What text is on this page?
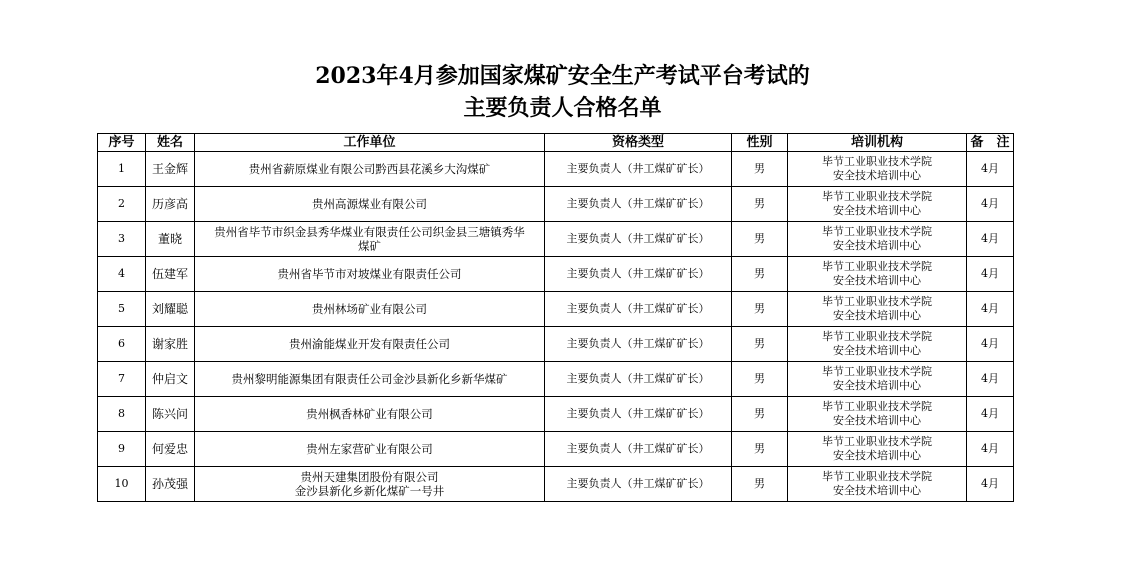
2023年4月参加国家煤矿安全生产考试平台考试的
主要负责人合格名单
序号	姓名	工作单位	资格类型	性别	培训机构	备　注
1	王金辉	贵州省薪原煤业有限公司黔西县花溪乡大沟煤矿	主要负责人（井工煤矿矿长）	男	毕节工业职业技术学院
安全技术培训中心	4月
2	历彦高	贵州高源煤业有限公司	主要负责人（井工煤矿矿长）	男	毕节工业职业技术学院
安全技术培训中心	4月
3	董晓	贵州省毕节市织金县秀华煤业有限责任公司织金县三塘镇秀华
煤矿	主要负责人（井工煤矿矿长）	男	毕节工业职业技术学院
安全技术培训中心	4月
4	伍建军	贵州省毕节市对坡煤业有限责任公司	主要负责人（井工煤矿矿长）	男	毕节工业职业技术学院
安全技术培训中心	4月
5	刘耀聪	贵州林场矿业有限公司	主要负责人（井工煤矿矿长）	男	毕节工业职业技术学院
安全技术培训中心	4月
6	谢家胜	贵州渝能煤业开发有限责任公司	主要负责人（井工煤矿矿长）	男	毕节工业职业技术学院
安全技术培训中心	4月
7	仲启文	贵州黎明能源集团有限责任公司金沙县新化乡新华煤矿	主要负责人（井工煤矿矿长）	男	毕节工业职业技术学院
安全技术培训中心	4月
8	陈兴问	贵州枫香林矿业有限公司	主要负责人（井工煤矿矿长）	男	毕节工业职业技术学院
安全技术培训中心	4月
9	何爱忠	贵州左家营矿业有限公司	主要负责人（井工煤矿矿长）	男	毕节工业职业技术学院
安全技术培训中心	4月
10	孙茂强	贵州天建集团股份有限公司
金沙县新化乡新化煤矿一号井	主要负责人（井工煤矿矿长）	男	毕节工业职业技术学院
安全技术培训中心	4月
